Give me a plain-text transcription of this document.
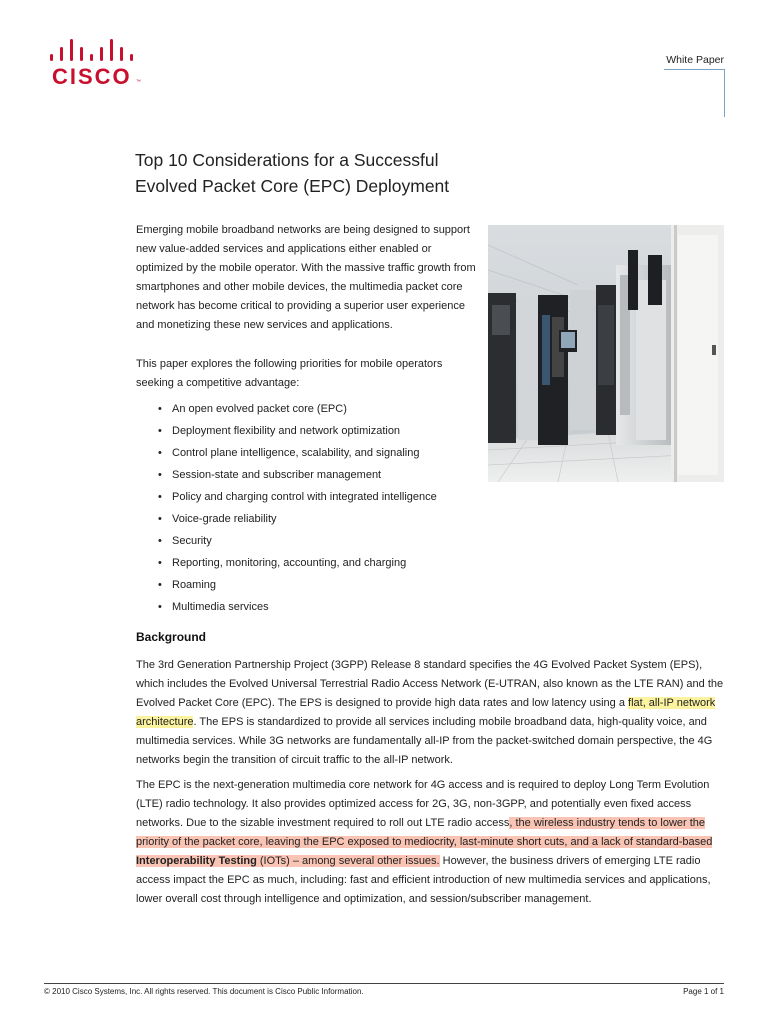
CISCO ™
White Paper
Top 10 Considerations for a Successful
Evolved Packet Core (EPC) Deployment

Emerging mobile broadband networks are being designed to support new value-added services and applications either enabled or optimized by the mobile operator. With the massive traffic growth from smartphones and other mobile devices, the multimedia packet core network has become critical to providing a superior user experience and monetizing these new services and applications.

This paper explores the following priorities for mobile operators seeking a competitive advantage:

• An open evolved packet core (EPC)
• Deployment flexibility and network optimization
• Control plane intelligence, scalability, and signaling
• Session-state and subscriber management
• Policy and charging control with integrated intelligence
• Voice-grade reliability
• Security
• Reporting, monitoring, accounting, and charging
• Roaming
• Multimedia services
Background

The 3rd Generation Partnership Project (3GPP) Release 8 standard specifies the 4G Evolved Packet System (EPS), which includes the Evolved Universal Terrestrial Radio Access Network (E-UTRAN, also known as the LTE RAN) and the Evolved Packet Core (EPC). The EPS is designed to provide high data rates and low latency using a flat, all-IP network architecture. The EPS is standardized to provide all services including mobile broadband data, high-quality voice, and multimedia services. While 3G networks are fundamentally all-IP from the packet-switched domain perspective, the 4G networks begin the transition of circuit traffic to the all-IP network.

The EPC is the next-generation multimedia core network for 4G access and is required to deploy Long Term Evolution (LTE) radio technology. It also provides optimized access for 2G, 3G, non-3GPP, and potentially even fixed access networks. Due to the sizable investment required to roll out LTE radio access, the wireless industry tends to lower the priority of the packet core, leaving the EPC exposed to mediocrity, last-minute short cuts, and a lack of standard-based Interoperability Testing (IOTs) – among several other issues. However, the business drivers of emerging LTE radio access impact the EPC as much, including: fast and efficient introduction of new multimedia services and applications, lower overall cost through intelligence and optimization, and session/subscriber management.

© 2010 Cisco Systems, Inc. All rights reserved. This document is Cisco Public Information.	Page 1 of 1
